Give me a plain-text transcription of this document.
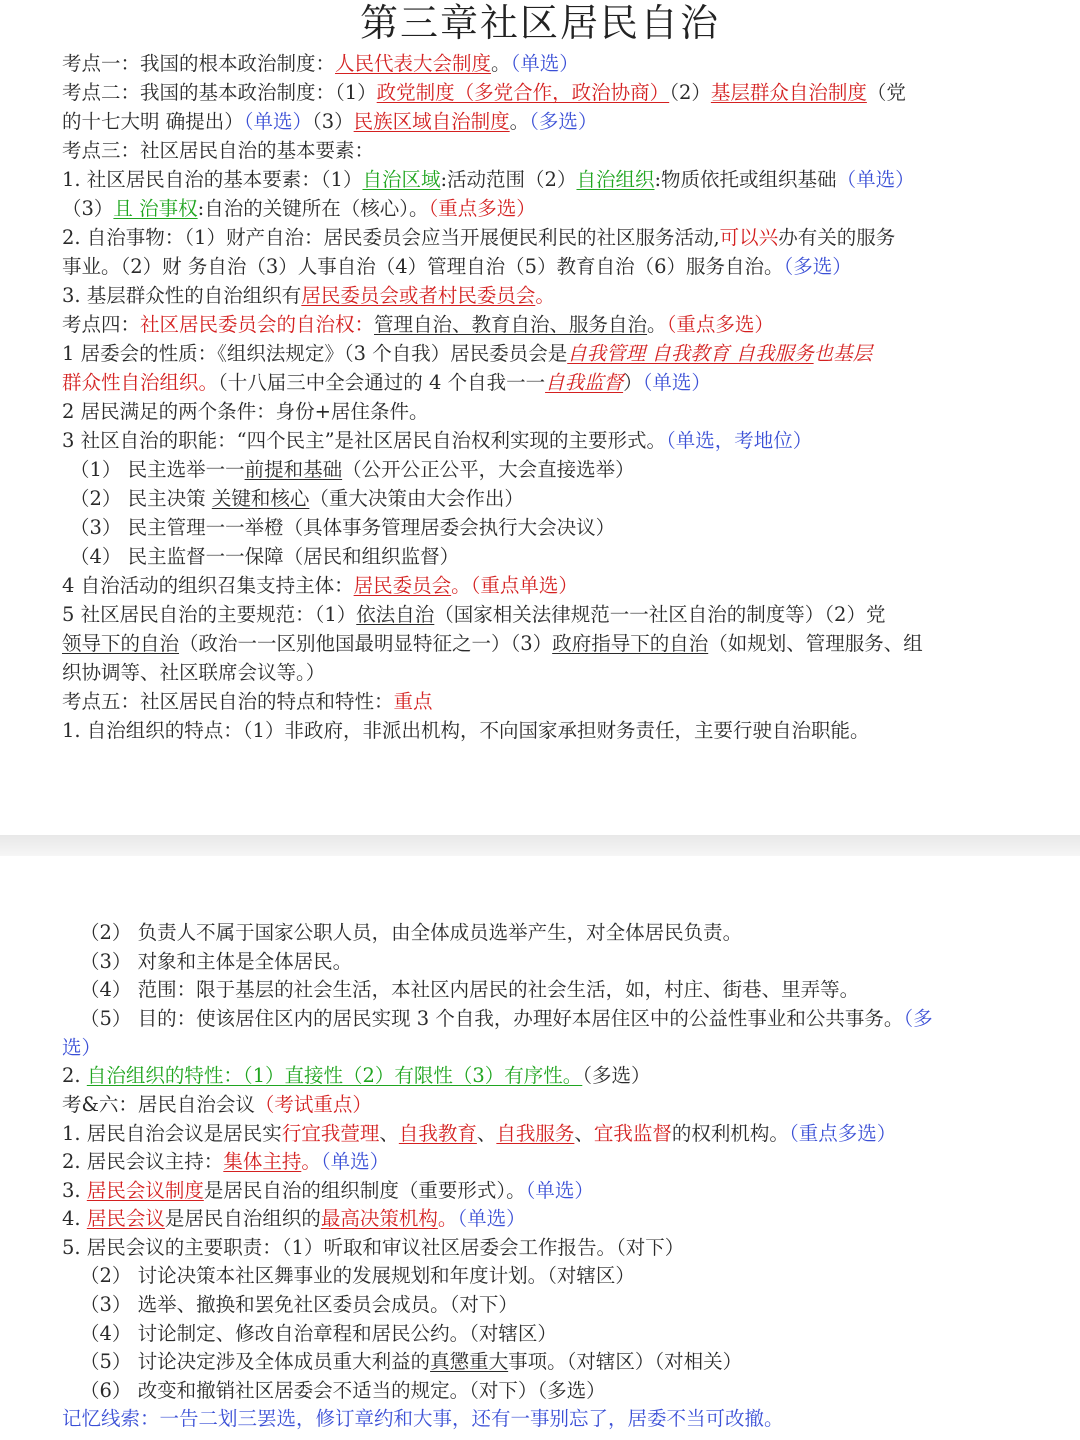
第三章社区居民自治
考点一：我国的根本政治制度：人民代表大会制度。（单选）
考点二：我国的基本政治制度：（1）政党制度（多党合作，政治协商）（2）基层群众自治制度（党
的十七大明 确提出）（单选）（3）民族区域自治制度。（多选）
考点三：社区居民自治的基本要素：
1. 社区居民自治的基本要素：（1）自治区域:活动范围（2）自治组织:物质依托或组织基础（单选）
（3）且 治事权:自治的关键所在（核心）。（重点多选）
2. 自治事物：（1）财产自治：居民委员会应当开展便民利民的社区服务活动,可以兴办有关的服务
事业。（2）财 务自治（3）人事自治（4）管理自治（5）教育自治（6）服务自治。（多选）
3. 基层群众性的自治组织有居民委员会或者村民委员会。
考点四：社区居民委员会的自治权：管理自治、教育自治、服务自治。（重点多选）
1 居委会的性质：《组织法规定》（3 个自我）居民委员会是自我管理 自我教育 自我服务也基层
群众性自治组织。（十八届三中全会通过的 4 个自我一一自我监督）（单选）
2 居民满足的两个条件：身份+居住条件。
3 社区自治的职能：“四个民主”是社区居民自治权利实现的主要形式。（单选，考地位）
（1） 民主选举一一前提和基础（公开公正公平，大会直接选举）
（2） 民主决策 关键和核心（重大决策由大会作出）
（3） 民主管理一一举橙（具体事务管理居委会执行大会决议）
（4） 民主监督一一保障（居民和组织监督）
4 自治活动的组织召集支持主体：居民委员会。（重点单选）
5 社区居民自治的主要规范：（1）依法自治（国家相关法律规范一一社区自治的制度等）（2）党
领导下的自治（政治一一区别他国最明显特征之一）（3）政府指导下的自治（如规划、管理服务、组
织协调等、社区联席会议等。）
考点五：社区居民自治的特点和特性：重点
1. 自治组织的特点：（1）非政府，非派出机构，不向国家承担财务责任，主要行驶自治职能。
（2） 负责人不属于国家公职人员，由全体成员选举产生，对全体居民负责。
（3） 对象和主体是全体居民。
（4） 范围：限于基层的社会生活，本社区内居民的社会生活，如，村庄、街巷、里弄等。
（5） 目的：使该居住区内的居民实现 3 个自我，办理好本居住区中的公益性事业和公共事务。（多
选）
2. 自治组织的特性：（1）直接性（2）有限性（3）有序性。（多选）
考&六：居民自治会议（考试重点）
1. 居民自治会议是居民实行宜我萱理、自我教育、自我服务、宜我监督的权利机构。（重点多选）
2. 居民会议主持：集体主持。（单选）
3. 居民会议制度是居民自治的组织制度（重要形式）。（单选）
4. 居民会议是居民自治组织的最高决策机构。（单选）
5. 居民会议的主要职责：（1）听取和审议社区居委会工作报告。（对下）
（2） 讨论决策本社区舞事业的发展规划和年度计划。（对辖区）
（3） 选举、撤换和罢免社区委员会成员。（对下）
（4） 讨论制定、修改自治章程和居民公约。（对辖区）
（5） 讨论决定涉及全体成员重大利益的真懲重大事项。（对辖区）（对相关）
（6） 改变和撤销社区居委会不适当的规定。（对下）（多选）
记忆线索：一告二划三罢选，修订章约和大事，还有一事别忘了，居委不当可改撤。
